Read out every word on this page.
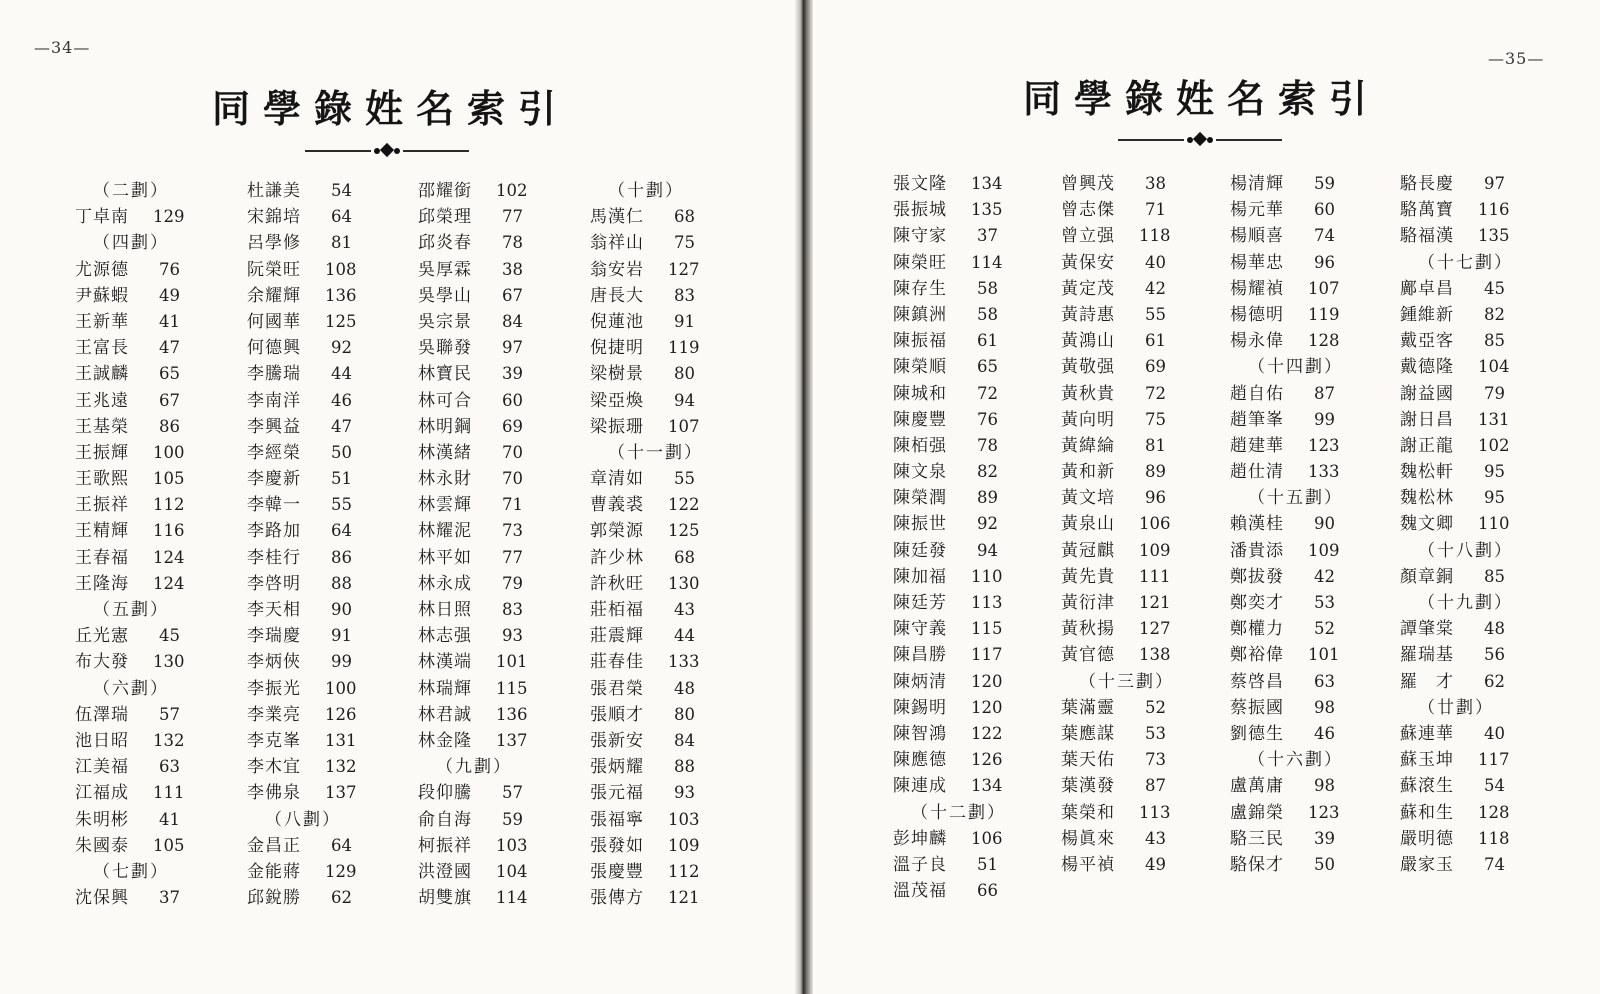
—34—
同學錄姓名索引
（二劃）
丁卓南 129
（四劃）
尤源德 76
尹蘇蝦 49
王新華 41
王富長 47
王誠麟 65
王兆遠 67
王基榮 86
王振輝 100
王歌熙 105
王振祥 112
王精輝 116
王春福 124
王隆海 124
（五劃）
丘光憲 45
布大發 130
（六劃）
伍澤瑞 57
池日昭 132
江美福 63
江福成 111
朱明彬 41
朱國泰 105
（七劃）
沈保興 37
杜謙美 54
宋錦培 64
呂學修 81
阮榮旺 108
余耀輝 136
何國華 125
何德興 92
李騰瑞 44
李南洋 46
李興益 47
李經榮 50
李慶新 51
李韓一 55
李路加 64
李桂行 86
李啓明 88
李天相 90
李瑞慶 91
李炳俠 99
李振光 100
李業亮 126
李克峯 131
李木宜 132
李佛泉 137
（八劃）
金昌正 64
金能蔣 129
邱銳勝 62
邵耀銜 102
邱榮理 77
邱炎春 78
吳厚霖 38
吳學山 67
吳宗景 84
吳聯發 97
林寶民 39
林可合 60
林明鋼 69
林漢緒 70
林永財 70
林雲輝 71
林耀泥 73
林平如 77
林永成 79
林日照 83
林志强 93
林漢端 101
林瑞輝 115
林君誠 136
林金隆 137
（九劃）
段仰騰 57
俞自海 59
柯振祥 103
洪澄國 104
胡雙旗 114
（十劃）
馬漢仁 68
翁祥山 75
翁安岩 127
唐長大 83
倪蓮池 91
倪捷明 119
梁樹景 80
梁亞煥 94
梁振珊 107
（十一劃）
章清如 55
曹義裘 122
郭榮源 125
許少林 68
許秋旺 130
莊栢福 43
莊震輝 44
莊春佳 133
張君榮 48
張順才 80
張新安 84
張炳耀 88
張元福 93
張福寧 103
張發如 109
張慶豐 112
張傳方 121
—35—
同學錄姓名索引
張文隆 134
張振城 135
陳守家 37
陳榮旺 114
陳存生 58
陳鎮洲 58
陳振福 61
陳榮順 65
陳城和 72
陳慶豐 76
陳栢强 78
陳文泉 82
陳榮潤 89
陳振世 92
陳廷發 94
陳加福 110
陳廷芳 113
陳守義 115
陳昌勝 117
陳炳清 120
陳錫明 120
陳智鴻 122
陳應德 126
陳連成 134
（十二劃）
彭坤麟 106
溫子良 51
溫茂福 66
曾興茂 38
曾志傑 71
曾立强 118
黃保安 40
黃定茂 42
黃詩惠 55
黃鴻山 61
黃敬强 69
黃秋貴 72
黃向明 75
黃緯綸 81
黃和新 89
黃文培 96
黃泉山 106
黃冠麒 109
黃先貴 111
黃衍津 121
黃秋揚 127
黃官德 138
（十三劃）
葉滿靈 52
葉應謀 53
葉天佑 73
葉漢發 87
葉榮和 113
楊眞來 43
楊平禎 49
楊清輝 59
楊元華 60
楊順喜 74
楊華忠 96
楊耀禎 107
楊德明 119
楊永偉 128
（十四劃）
趙自佑 87
趙筆峯 99
趙建華 123
趙仕清 133
（十五劃）
賴漢桂 90
潘貴添 109
鄭拔發 42
鄭奕才 53
鄭權力 52
鄭裕偉 101
蔡啓昌 63
蔡振國 98
劉德生 46
（十六劃）
盧萬庸 98
盧錦榮 123
駱三民 39
駱保才 50
駱長慶 97
駱萬寶 116
駱福漢 135
（十七劃）
鄺卓昌 45
鍾維新 82
戴亞客 85
戴德隆 104
謝益國 79
謝日昌 131
謝正龍 102
魏松軒 95
魏松林 95
魏文卿 110
（十八劃）
顏章銅 85
（十九劃）
譚肇棠 48
羅瑞基 56
羅　才 62
（廿劃）
蘇連華 40
蘇玉坤 117
蘇滾生 54
蘇和生 128
嚴明德 118
嚴家玉 74
